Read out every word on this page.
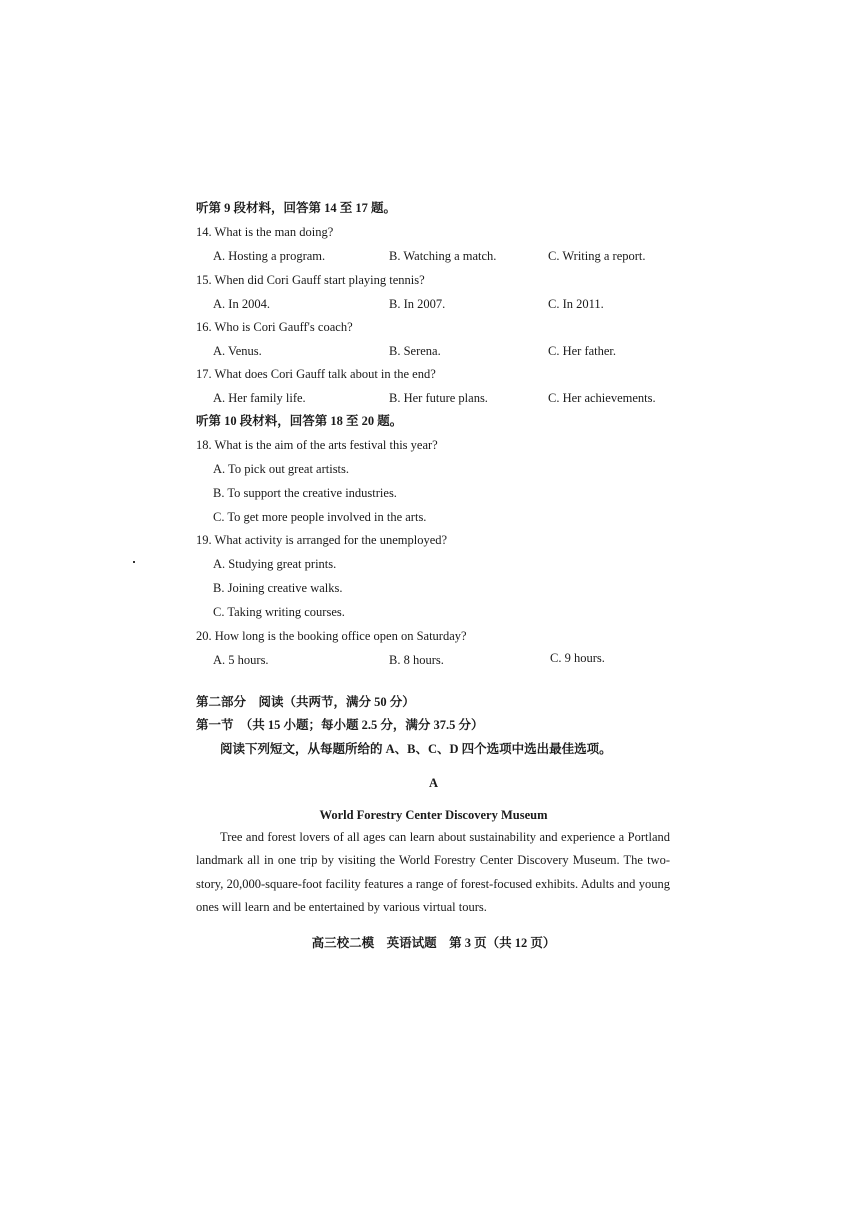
听第 9 段材料，回答第 14 至 17 题。
14. What is the man doing?
A. Hosting a program.	B. Watching a match.	C. Writing a report.
15. When did Cori Gauff start playing tennis?
A. In 2004.	B. In 2007.	C. In 2011.
16. Who is Cori Gauff's coach?
A. Venus.	B. Serena.	C. Her father.
17. What does Cori Gauff talk about in the end?
A. Her family life.	B. Her future plans.	C. Her achievements.
听第 10 段材料，回答第 18 至 20 题。
18. What is the aim of the arts festival this year?
A. To pick out great artists.
B. To support the creative industries.
C. To get more people involved in the arts.
19. What activity is arranged for the unemployed?
A. Studying great prints.
B. Joining creative walks.
C. Taking writing courses.
20. How long is the booking office open on Saturday?
A. 5 hours.	B. 8 hours.	C. 9 hours.
第二部分　阅读（共两节，满分 50 分）
第一节　（共 15 小题；每小题 2.5 分，满分 37.5 分）
阅读下列短文，从每题所给的 A、B、C、D 四个选项中选出最佳选项。
A
World Forestry Center Discovery Museum
Tree and forest lovers of all ages can learn about sustainability and experience a Portland landmark all in one trip by visiting the World Forestry Center Discovery Museum. The two-story, 20,000-square-foot facility features a range of forest-focused exhibits. Adults and young ones will learn and be entertained by various virtual tours.
高三校二模　英语试题　第 3 页（共 12 页）
